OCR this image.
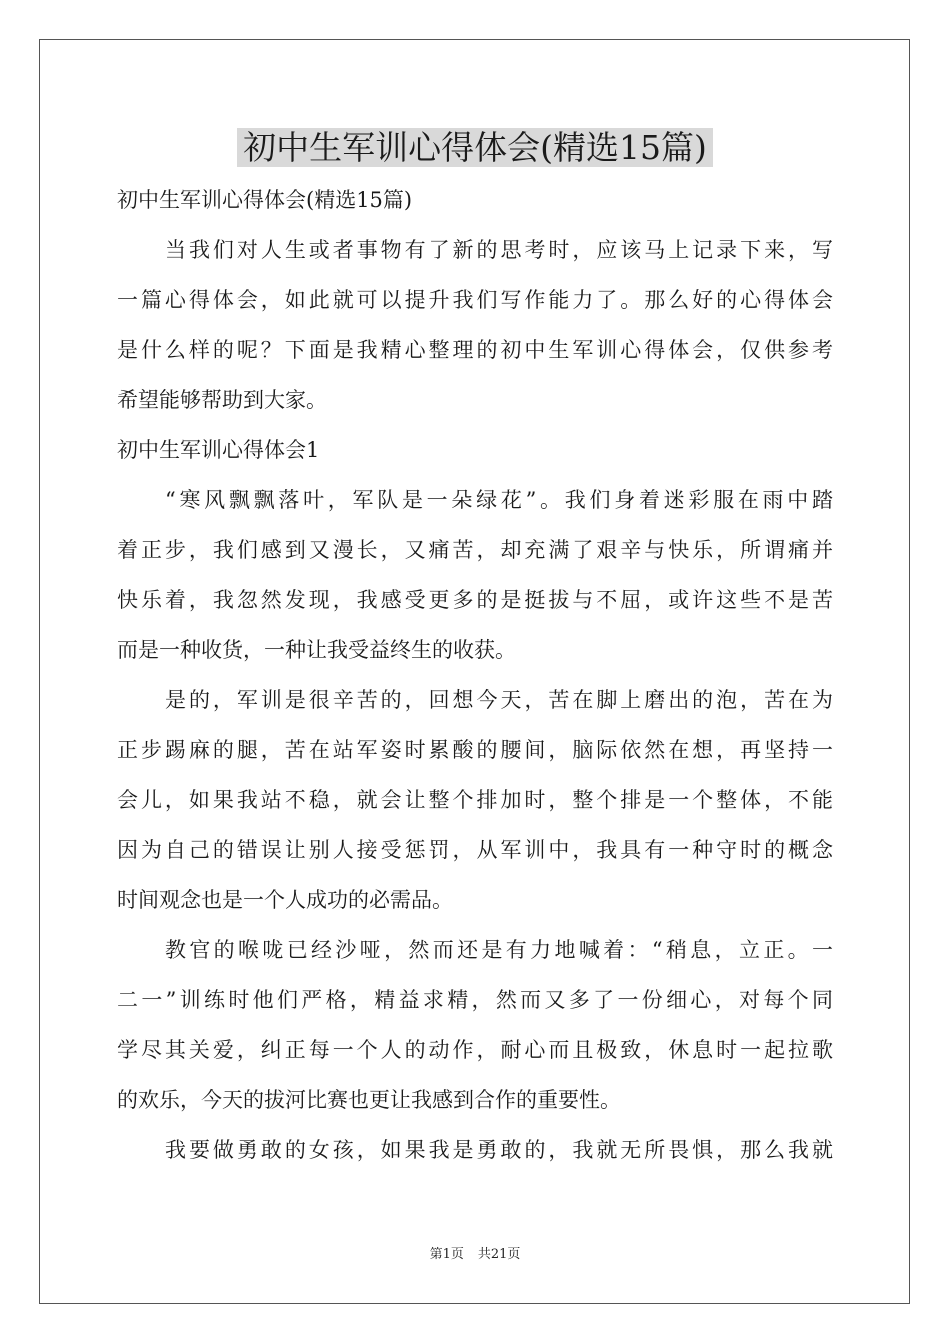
初中生军训心得体会(精选15篇)

初中生军训心得体会(精选15篇)

当我们对人生或者事物有了新的思考时，应该马上记录下来，写

一篇心得体会，如此就可以提升我们写作能力了。那么好的心得体会

是什么样的呢？下面是我精心整理的初中生军训心得体会，仅供参考

希望能够帮助到大家。

初中生军训心得体会1

“寒风飘飘落叶，军队是一朵绿花”。我们身着迷彩服在雨中踏

着正步，我们感到又漫长，又痛苦，却充满了艰辛与快乐，所谓痛并

快乐着，我忽然发现，我感受更多的是挺拔与不屈，或许这些不是苦

而是一种收货，一种让我受益终生的收获。

是的，军训是很辛苦的，回想今天，苦在脚上磨出的泡，苦在为

正步踢麻的腿，苦在站军姿时累酸的腰间，脑际依然在想，再坚持一

会儿，如果我站不稳，就会让整个排加时，整个排是一个整体，不能

因为自己的错误让别人接受惩罚，从军训中，我具有一种守时的概念

时间观念也是一个人成功的必需品。

教官的喉咙已经沙哑，然而还是有力地喊着：“稍息，立正。一

二一”训练时他们严格，精益求精，然而又多了一份细心，对每个同

学尽其关爱，纠正每一个人的动作，耐心而且极致，休息时一起拉歌

的欢乐，今天的拔河比赛也更让我感到合作的重要性。

我要做勇敢的女孩，如果我是勇敢的，我就无所畏惧，那么我就

第1页 共21页
